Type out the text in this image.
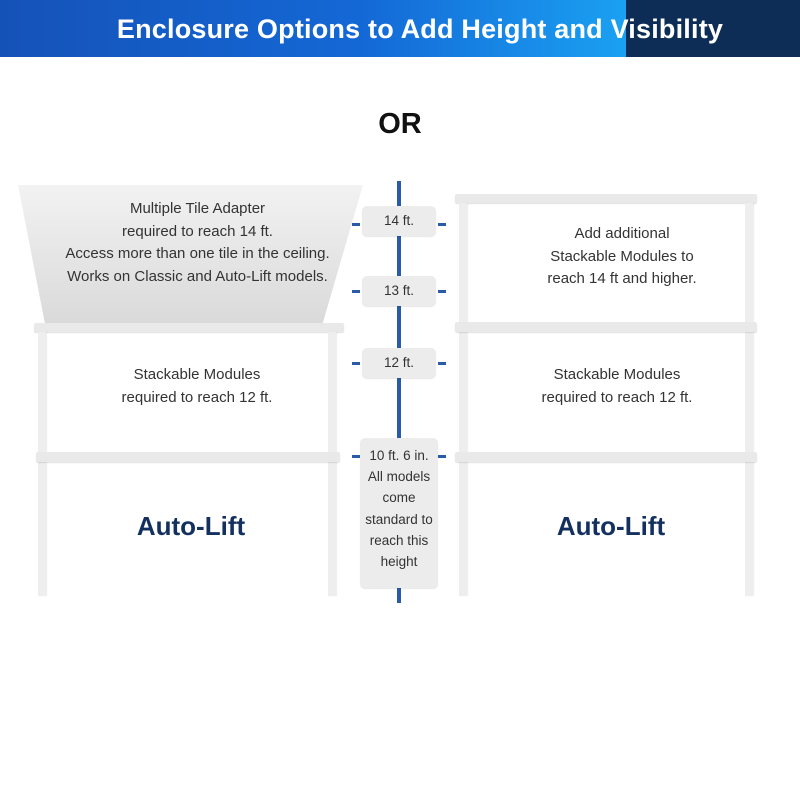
Enclosure Options to Add Height and Visibility
OR
Multiple Tile Adapter
required to reach 14 ft.
Access more than one tile in the ceiling.
Works on Classic and Auto-Lift models.
Stackable Modules
required to reach 12 ft.
Auto-Lift
14 ft.
13 ft.
12 ft.
10 ft. 6 in.
All models
come
standard to
reach this
height
Add additional
Stackable Modules to
reach 14 ft and higher.
Stackable Modules
required to reach 12 ft.
Auto-Lift
